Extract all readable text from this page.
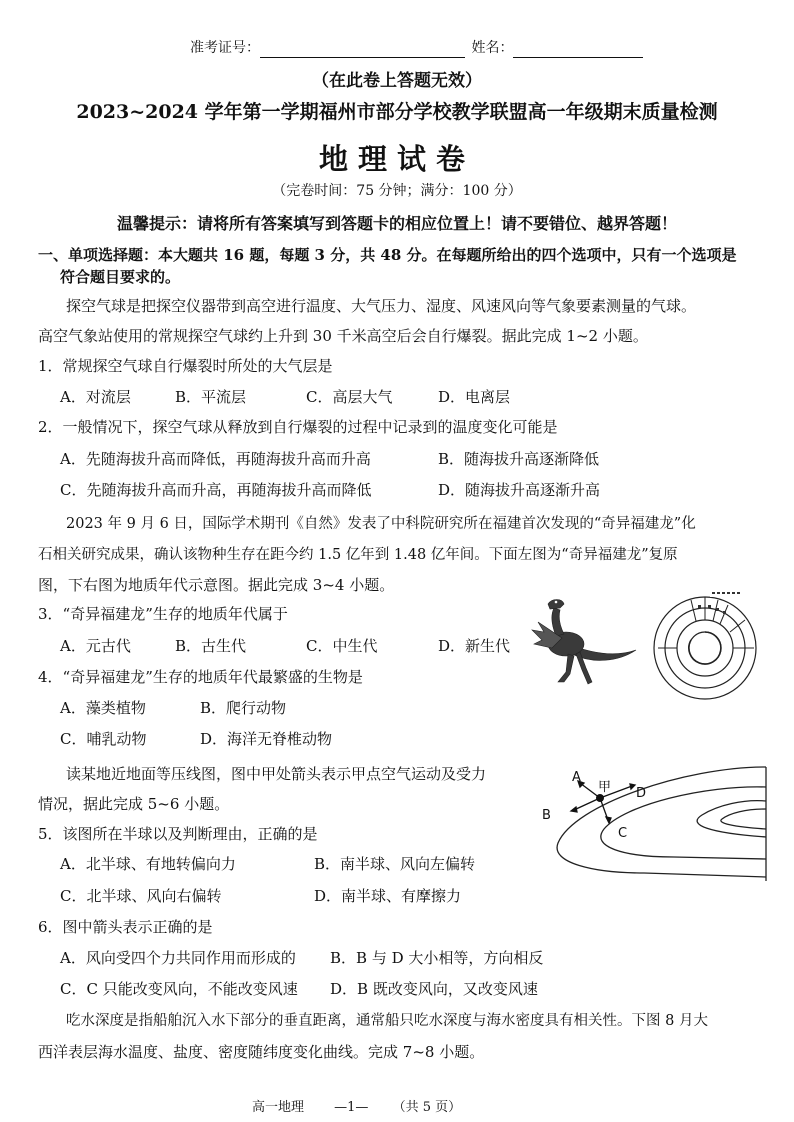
准考证号：	姓名：
（在此卷上答题无效）
2023~2024 学年第一学期福州市部分学校教学联盟高一年级期末质量检测
地理试卷
（完卷时间：75 分钟；满分：100 分）
温馨提示：请将所有答案填写到答题卡的相应位置上！请不要错位、越界答题！
一、单项选择题：本大题共 16 题，每题 3 分，共 48 分。在每题所给出的四个选项中，只有一个选项是
符合题目要求的。
探空气球是把探空仪器带到高空进行温度、大气压力、湿度、风速风向等气象要素测量的气球。
高空气象站使用的常规探空气球约上升到 30 千米高空后会自行爆裂。据此完成 1~2 小题。
1．常规探空气球自行爆裂时所处的大气层是
A．对流层	B．平流层	C．高层大气	D．电离层
2．一般情况下，探空气球从释放到自行爆裂的过程中记录到的温度变化可能是
A．先随海拔升高而降低，再随海拔升高而升高	B．随海拔升高逐渐降低
C．先随海拔升高而升高，再随海拔升高而降低	D．随海拔升高逐渐升高
2023 年 9 月 6 日，国际学术期刊《自然》发表了中科院研究所在福建首次发现的“奇异福建龙”化
石相关研究成果，确认该物种生存在距今约 1.5 亿年到 1.48 亿年间。下面左图为“奇异福建龙”复原
图，下右图为地质年代示意图。据此完成 3~4 小题。
3．“奇异福建龙”生存的地质年代属于
A．元古代	B．古生代	C．中生代	D．新生代
4．“奇异福建龙”生存的地质年代最繁盛的生物是
A．藻类植物	B．爬行动物
C．哺乳动物	D．海洋无脊椎动物
读某地近地面等压线图，图中甲处箭头表示甲点空气运动及受力
情况，据此完成 5~6 小题。
A
B
C
D
甲
5．该图所在半球以及判断理由，正确的是
A．北半球、有地转偏向力	B．南半球、风向左偏转
C．北半球、风向右偏转	D．南半球、有摩擦力
6．图中箭头表示正确的是
A．风向受四个力共同作用而形成的 B．B 与 D 大小相等，方向相反
C．C 只能改变风向，不能改变风速 D．B 既改变风向，又改变风速
吃水深度是指船舶沉入水下部分的垂直距离，通常船只吃水深度与海水密度具有相关性。下图 8 月大
西洋表层海水温度、盐度、密度随纬度变化曲线。完成 7~8 小题。
高一地理 —1— （共 5 页）
